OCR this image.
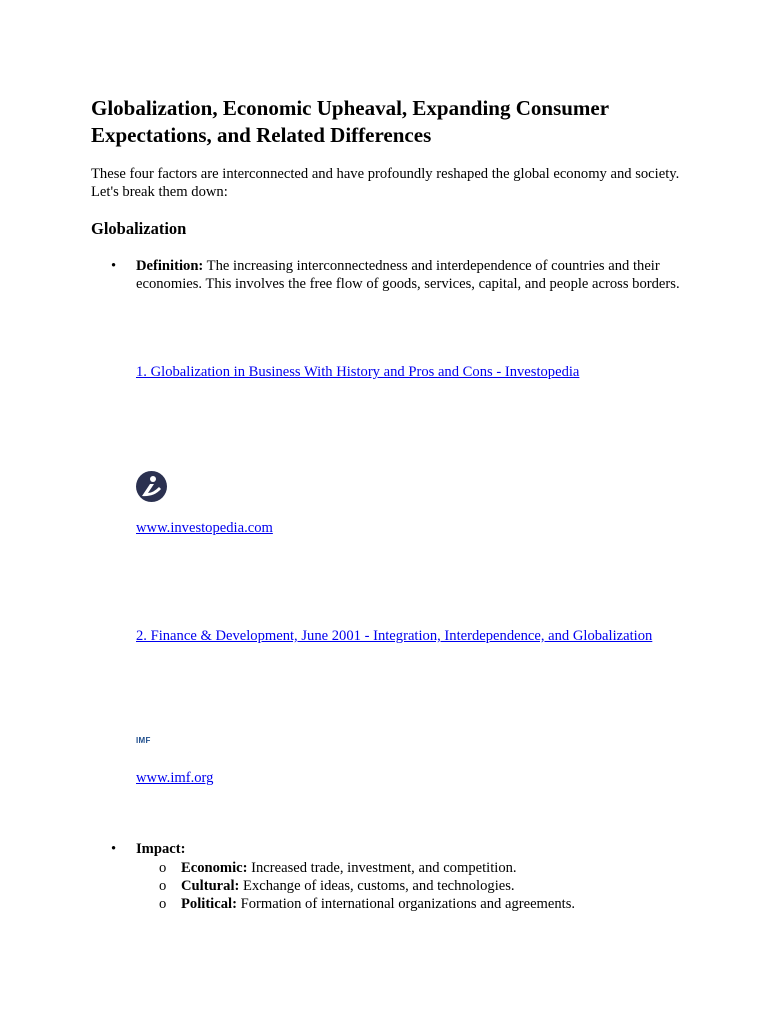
Globalization, Economic Upheaval, Expanding Consumer Expectations, and Related Differences

These four factors are interconnected and have profoundly reshaped the global economy and society. Let's break them down:

Globalization
•	Definition: The increasing interconnectedness and interdependence of countries and their economies. This involves the free flow of goods, services, capital, and people across borders.
1. Globalization in Business With History and Pros and Cons - Investopedia
www.investopedia.com
2. Finance & Development, June 2001 - Integration, Interdependence, and Globalization
IMF
www.imf.org
•	Impact:
o Economic: Increased trade, investment, and competition.
o Cultural: Exchange of ideas, customs, and technologies.
o Political: Formation of international organizations and agreements.
